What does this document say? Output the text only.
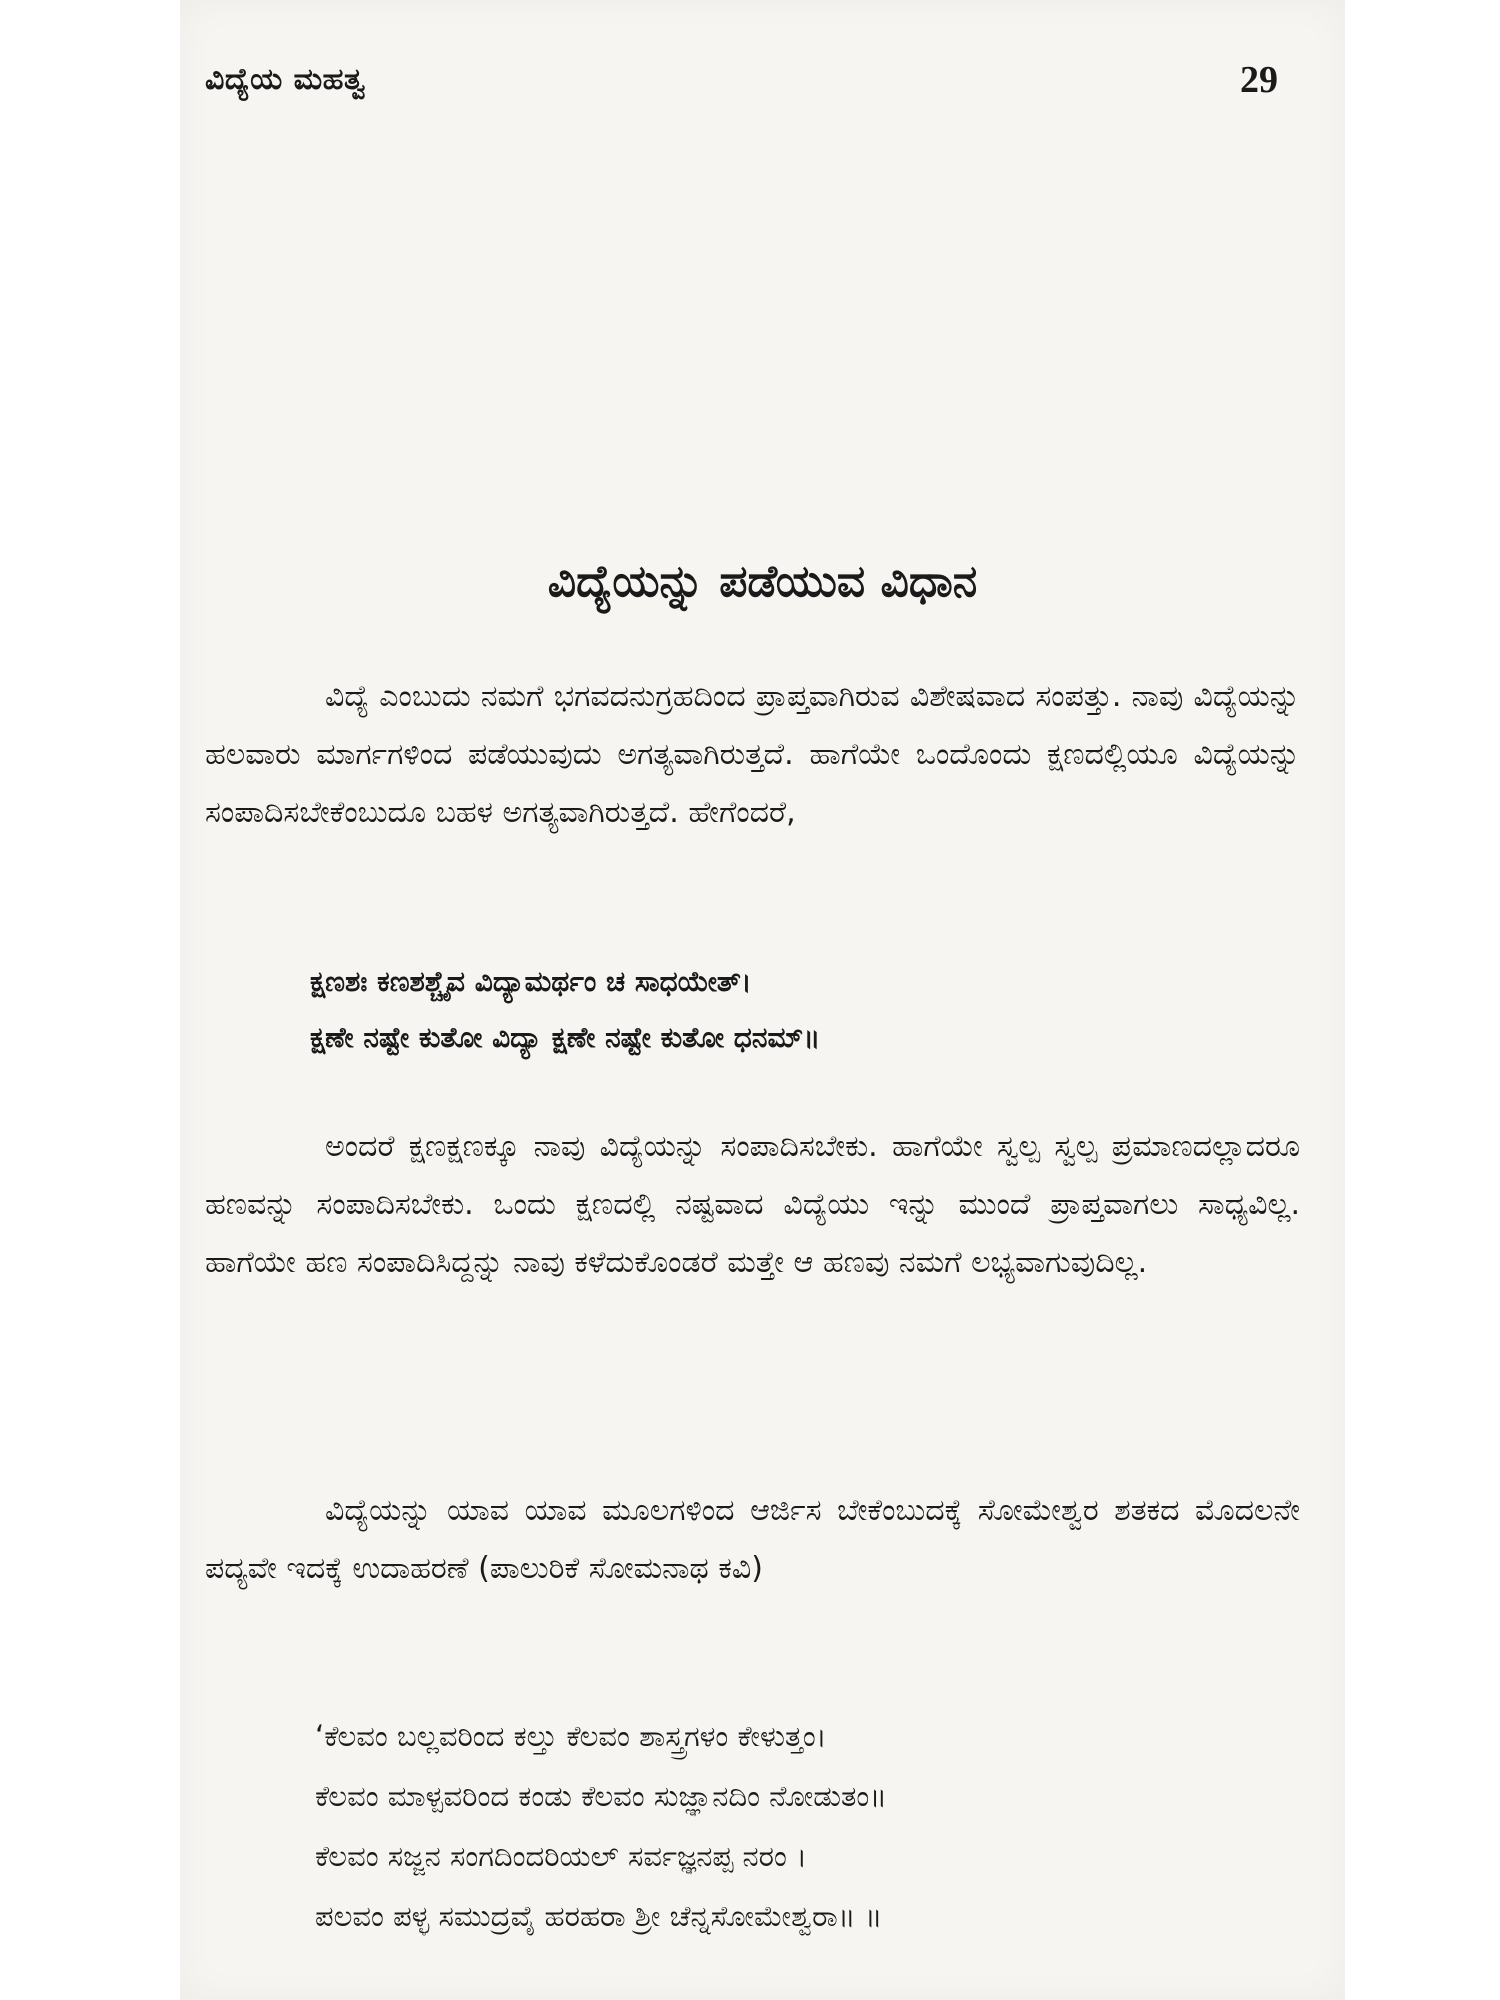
ವಿದ್ಯೆಯ ಮಹತ್ವ	29
ವಿದ್ಯೆಯನ್ನು ಪಡೆಯುವ ವಿಧಾನ

ವಿದ್ಯೆ ಎಂಬುದು ನಮಗೆ ಭಗವದನುಗ್ರಹದಿಂದ ಪ್ರಾಪ್ತವಾಗಿರುವ ವಿಶೇಷವಾದ ಸಂಪತ್ತು. ನಾವು ವಿದ್ಯೆಯನ್ನು ಹಲವಾರು ಮಾರ್ಗಗಳಿಂದ ಪಡೆಯುವುದು ಅಗತ್ಯವಾಗಿರುತ್ತದೆ. ಹಾಗೆಯೇ ಒಂದೊಂದು ಕ್ಷಣದಲ್ಲಿಯೂ ವಿದ್ಯೆಯನ್ನು ಸಂಪಾದಿಸಬೇಕೆಂಬುದೂ ಬಹಳ ಅಗತ್ಯವಾಗಿರುತ್ತದೆ. ಹೇಗೆಂದರೆ,

ಕ್ಷಣಶಃ ಕಣಶಶ್ಚೈವ ವಿದ್ಯಾಮರ್ಥಂ ಚ ಸಾಧಯೇತ್।
ಕ್ಷಣೇ ನಷ್ಟೇ ಕುತೋ ವಿದ್ಯಾ ಕ್ಷಣೇ ನಷ್ಟೇ ಕುತೋ ಧನಮ್॥

ಅಂದರೆ ಕ್ಷಣಕ್ಷಣಕ್ಕೂ ನಾವು ವಿದ್ಯೆಯನ್ನು ಸಂಪಾದಿಸಬೇಕು. ಹಾಗೆಯೇ ಸ್ವಲ್ಪ ಸ್ವಲ್ಪ ಪ್ರಮಾಣದಲ್ಲಾದರೂ ಹಣವನ್ನು ಸಂಪಾದಿಸಬೇಕು. ಒಂದು ಕ್ಷಣದಲ್ಲಿ ನಷ್ಟವಾದ ವಿದ್ಯೆಯು ಇನ್ನು ಮುಂದೆ ಪ್ರಾಪ್ತವಾಗಲು ಸಾಧ್ಯವಿಲ್ಲ. ಹಾಗೆಯೇ ಹಣ ಸಂಪಾದಿಸಿದ್ದನ್ನು ನಾವು ಕಳೆದುಕೊಂಡರೆ ಮತ್ತೇ ಆ ಹಣವು ನಮಗೆ ಲಭ್ಯವಾಗುವುದಿಲ್ಲ.

ವಿದ್ಯೆಯನ್ನು ಯಾವ ಯಾವ ಮೂಲಗಳಿಂದ ಆರ್ಜಿಸ ಬೇಕೆಂಬುದಕ್ಕೆ ಸೋಮೇಶ್ವರ ಶತಕದ ಮೊದಲನೇ ಪದ್ಯವೇ ಇದಕ್ಕೆ ಉದಾಹರಣೆ (ಪಾಲುರಿಕೆ ಸೋಮನಾಥ ಕವಿ)

‘ಕೆಲವಂ ಬಲ್ಲವರಿಂದ ಕಲ್ತು ಕೆಲವಂ ಶಾಸ್ತ್ರಗಳಂ ಕೇಳುತ್ತಂ।
ಕೆಲವಂ ಮಾಳ್ಪವರಿಂದ ಕಂಡು ಕೆಲವಂ ಸುಜ್ಞಾನದಿಂ ನೋಡುತಂ॥
ಕೆಲವಂ ಸಜ್ಜನ ಸಂಗದಿಂದರಿಯಲ್ ಸರ್ವಜ್ಞನಪ್ಪ ನರಂ ।
ಪಲವಂ ಪಳ್ಳ ಸಮುದ್ರವೈ ಹರಹರಾ ಶ್ರೀ ಚೆನ್ನಸೋಮೇಶ್ವರಾ॥ ॥
